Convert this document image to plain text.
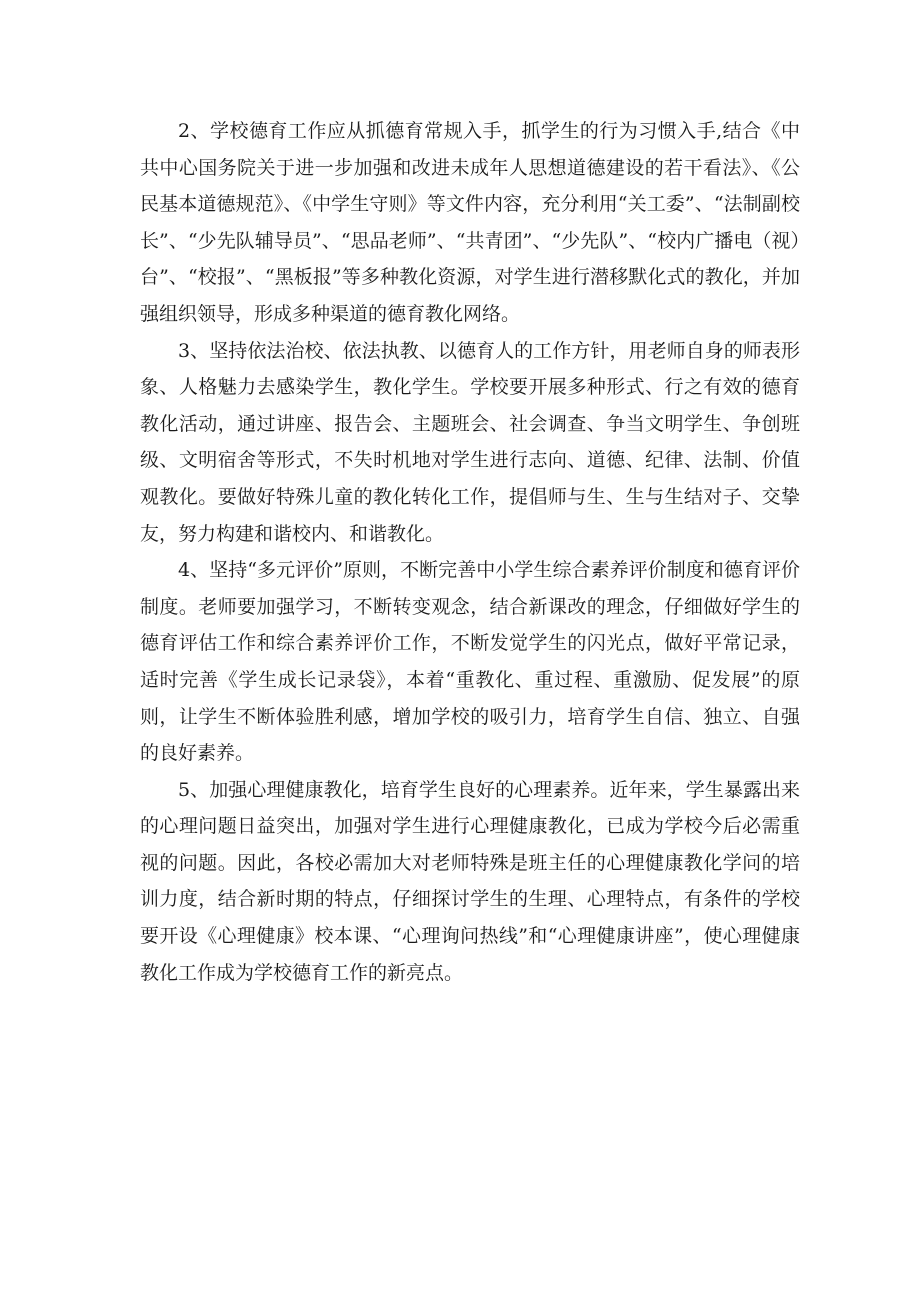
2、学校德育工作应从抓德育常规入手，抓学生的行为习惯入手,结合《中共中心国务院关于进一步加强和改进未成年人思想道德建设的若干看法》、《公民基本道德规范》、《中学生守则》等文件内容，充分利用“关工委”、“法制副校长”、“少先队辅导员”、“思品老师”、“共青团”、“少先队”、“校内广播电（视）台”、“校报”、“黑板报”等多种教化资源，对学生进行潜移默化式的教化，并加强组织领导，形成多种渠道的德育教化网络。

3、坚持依法治校、依法执教、以德育人的工作方针，用老师自身的师表形象、人格魅力去感染学生，教化学生。学校要开展多种形式、行之有效的德育教化活动，通过讲座、报告会、主题班会、社会调查、争当文明学生、争创班级、文明宿舍等形式，不失时机地对学生进行志向、道德、纪律、法制、价值观教化。要做好特殊儿童的教化转化工作，提倡师与生、生与生结对子、交挚友，努力构建和谐校内、和谐教化。

4、坚持“多元评价”原则，不断完善中小学生综合素养评价制度和德育评价制度。老师要加强学习，不断转变观念，结合新课改的理念，仔细做好学生的德育评估工作和综合素养评价工作，不断发觉学生的闪光点，做好平常记录，适时完善《学生成长记录袋》，本着“重教化、重过程、重激励、促发展”的原则，让学生不断体验胜利感，增加学校的吸引力，培育学生自信、独立、自强的良好素养。

5、加强心理健康教化，培育学生良好的心理素养。近年来，学生暴露出来的心理问题日益突出，加强对学生进行心理健康教化，已成为学校今后必需重视的问题。因此，各校必需加大对老师特殊是班主任的心理健康教化学问的培训力度，结合新时期的特点，仔细探讨学生的生理、心理特点，有条件的学校要开设《心理健康》校本课、“心理询问热线”和“心理健康讲座”，使心理健康教化工作成为学校德育工作的新亮点。
